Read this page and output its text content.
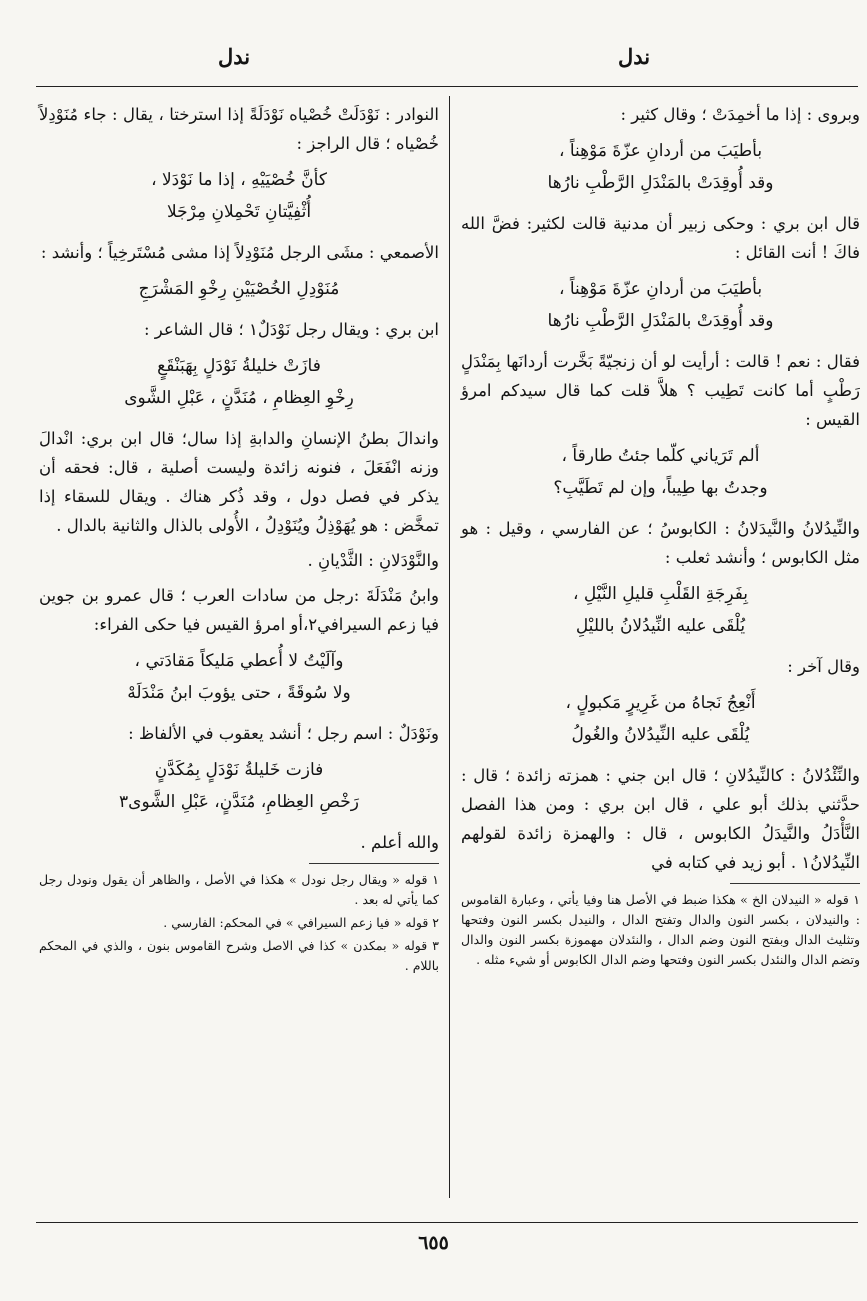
ندل
ندل

وبروى : إذا ما أخمِدَتْ ؛ وقال كثير :

بأطيَبَ من أردانِ عزّةَ مَوْهِناً ،
وقد أُوقِدَتْ بالمَنْدَلِ الرَّطْبِ نارُها

قال ابن بري : وحكى زبير أن مدنية قالت لكثير: فضَّ الله فاكَ ! أنت القائل :

بأطيَبَ من أردانِ عزّةَ مَوْهِناً ،
وقد أُوقِدَتْ بالمَنْدَلِ الرَّطْبِ نارُها

فقال : نعم ! قالت : أرأيت لو أن زنجيّةً بَخَّرت أردانَها بِمَنْدَلٍ رَطْبٍ أما كانت تَطِيب ؟ هلاَّ قلت كما قال سيدكم امرؤ القيس :

ألم تَرَياني كلّما جئتُ طارقاً ،
وجدتُ بها طِيباً، وإن لم تَطَيَّبِ؟

والنِّيدُلانُ والنَّيدَلانُ : الكابوسُ ؛ عن الفارسي ، وقيل : هو مثل الكابوس ؛ وأنشد ثعلب :

بِفَرِجَةِ القَلْبِ قليلِ النَّيْلِ ،
يُلْقَى عليه النِّيدُلانُ بالليْلِ

وقال آخر :

أَنْعِجُ نَجاهُ من غَرِيرٍ مَكبولٍ ،
يُلْقَى عليه النِّيدُلانُ والغُولُ

والنِّئْدُلانُ : كالنِّيدُلانِ ؛ قال ابن جني : همزته زائدة ؛ قال : حدَّثني بذلك أبو علي ، قال ابن بري : ومن هذا الفصل النَّأْدَلُ والنَّيدَلُ الكابوس ، قال : والهمزة زائدة لقولهم النِّيدُلانُ١ . أبو زيد في كتابه في

١ قوله « النيدلان الخ » هكذا ضبط في الأصل هنا وفيا يأتي ، وعبارة القاموس : والنيدلان ، بكسر النون والدال وتفتح الدال ، والنيدل بكسر النون وفتحها وتثليث الدال وبفتح النون وضم الدال ، والنئدلان مهموزة بكسر النون والدال وتضم الدال والنئدل بكسر النون وفتحها وضم الدال الكابوس أو شيء مثله .

النوادر : نَوْدَلَتْ خُصْياه نَوْدَلَةً إذا استرختا ، يقال : جاء مُنَوْدِلاً خُصْياه ؛ قال الراجز :

كأنَّ خُصْيَيْهِ ، إذا ما نَوْدَلا ،
أُثْفِيَّتانِ تَحْمِلانِ مِرْجَلا

الأصمعي : مشَى الرجل مُنَوْدِلاً إذا مشى مُسْتَرخِياً ؛ وأنشد :

مُنَوْدِلِ الخُصْيَيْنِ رِخْوِ المَشْرَجِ

ابن بري : ويقال رجل نَوْدَلٌ١ ؛ قال الشاعر :

فازَتْ خليلةُ نَوْدَلٍ بِهَبَنْقَعٍ
رِخْوِ العِظامِ ، مُنَدَّنٍ ، عَبْلِ الشَّوى

واندالَ بطنُ الإنسانِ والدابةِ إذا سال؛ قال ابن بري: انْدالَ وزنه انْفَعَلَ ، فنونه زائدة وليست أصلية ، قال: فحقه أن يذكر في فصل دول ، وقد ذُكر هناك . ويقال للسقاء إذا تمخَّض : هو يُهَوْذِلُ ويُنَوْدِلُ ، الأُولى بالذال والثانية بالدال .

والنَّوْدَلانِ : الثَّدْيانِ .

وابنُ مَنْدَلَةَ :رجل من سادات العرب ؛ قال عمرو بن جوين فيا زعم السيرافي٢،أو امرؤ القيس فيا حكى الفراء:

وآلَيْتُ لا أُعطي مَليكاً مَقادَتي ،
ولا سُوقَةً ، حتى يؤوبَ ابنُ مَنْدَلَهْ

ونَوْدَلٌ : اسم رجل ؛ أنشد يعقوب في الألفاظ :

فازت خَليلةُ نَوْدَلٍ بِمُكَدَّنٍ
رَخْصِ العِظامِ، مُنَدَّنٍ، عَبْلِ الشَّوى٣

والله أعلم .

١ قوله « ويقال رجل نودل » هكذا في الأصل ، والظاهر أن يقول ونودل رجل كما يأتي له بعد .

٢ قوله « فيا زعم السيرافي » في المحكم: الفارسي .

٣ قوله « بمكدن » كذا في الاصل وشرح القاموس بنون ، والذي في المحكم باللام .

٦٥٥
